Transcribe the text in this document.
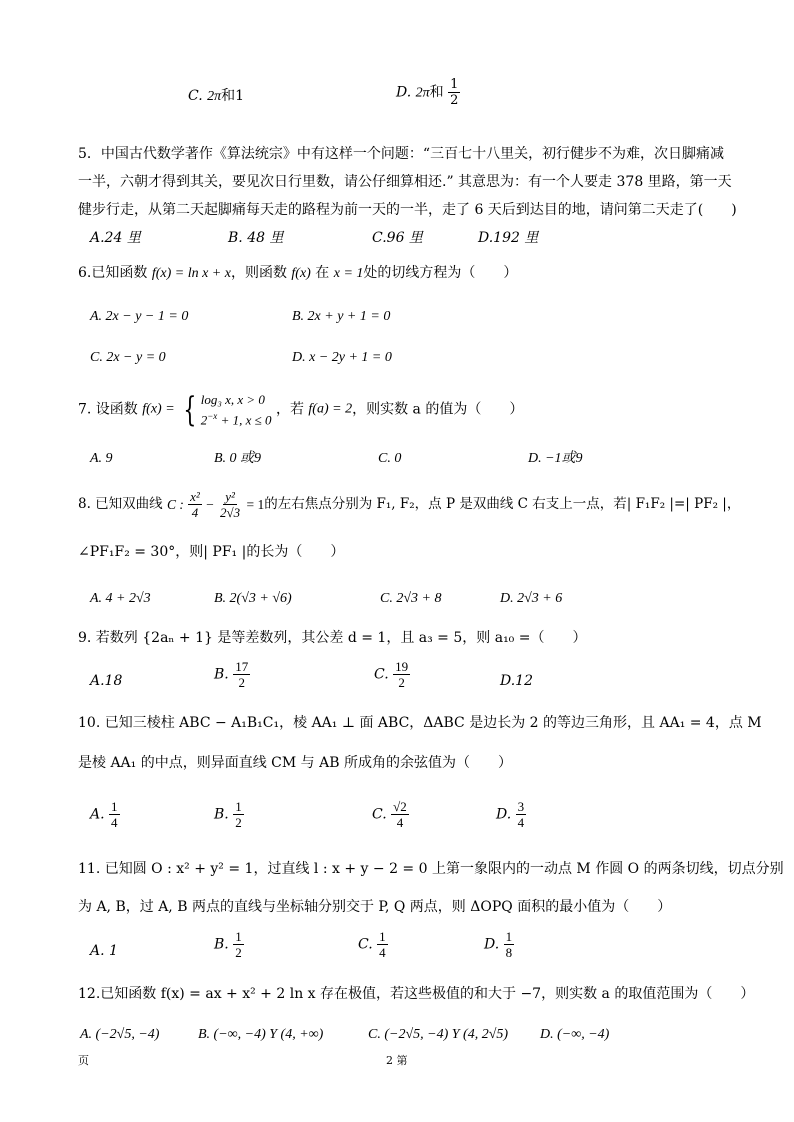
C. 2π和1	D. 2π和 $\frac{1}{2}$
5．中国古代数学著作《算法统宗》中有这样一个问题：“三百七十八里关，初行健步不为难，次日脚痛减
一半，六朝才得到其关，要见次日行里数，请公仔细算相还.” 其意思为：有一个人要走 378 里路，第一天
健步行走，从第二天起脚痛每天走的路程为前一天的一半，走了 6 天后到达目的地，请问第二天走了(　　)
A.24 里	B. 48 里	C.96 里	D.192 里
6.已知函数 f(x) = ln x + x，则函数 f(x) 在 x = 1处的切线方程为（　　）
A. 2x − y − 1 = 0	B. 2x + y + 1 = 0
C. 2x − y = 0	D. x − 2y + 1 = 0
7. 设函数 f(x) = { log₃ x, x > 0
$2^{-x} + 1$, x ≤ 0
，若 f(a) = 2，则实数 a 的值为（　　）
A. 9	B. 0 或9	C. 0	D. −1或9
8. 已知双曲线 C : $\frac{\text{x²}}{4} - \frac{\text{y²}}{2√3} = 1$的左右焦点分别为 F₁, F₂，点 P 是双曲线 C 右支上一点，若| F₁F₂ |=| PF₂ |，
∠PF₁F₂ = 30°，则| PF₁ |的长为（　　）
A. 4 + 2√3	B. 2(√3 + √6)	C. 2√3 + 8	D. 2√3 + 6
9. 若数列 {2aₙ + 1} 是等差数列，其公差 d = 1，且 a₃ = 5，则 a₁₀ =（　　）
A.18	B. $\frac{17}{2}$	C. $\frac{19}{2}$	D.12
10. 已知三棱柱 ABC − A₁B₁C₁，棱 AA₁ ⊥ 面 ABC，ΔABC 是边长为 2 的等边三角形，且 AA₁ = 4，点 M
是棱 AA₁ 的中点，则异面直线 CM 与 AB 所成角的余弦值为（　　）
A. $\frac{1}{4}$	B. $\frac{1}{2}$	C. $\frac{√2}{4}$	D. $\frac{3}{4}$
11. 已知圆 O : x² + y² = 1，过直线 l : x + y − 2 = 0 上第一象限内的一动点 M 作圆 O 的两条切线，切点分别
为 A, B，过 A, B 两点的直线与坐标轴分别交于 P, Q 两点，则 ΔOPQ 面积的最小值为（　　）
A. 1	B. $\frac{1}{2}$	C. $\frac{1}{4}$	D. $\frac{1}{8}$
12.已知函数 f(x) = ax + x² + 2 ln x 存在极值，若这些极值的和大于 −7，则实数 a 的取值范围为（　　）
A. (−2√5, −4)	B. (−∞, −4) Y (4, +∞)	C. (−2√5, −4) Y (4, 2√5) D. (−∞, −4)
页	2 第
